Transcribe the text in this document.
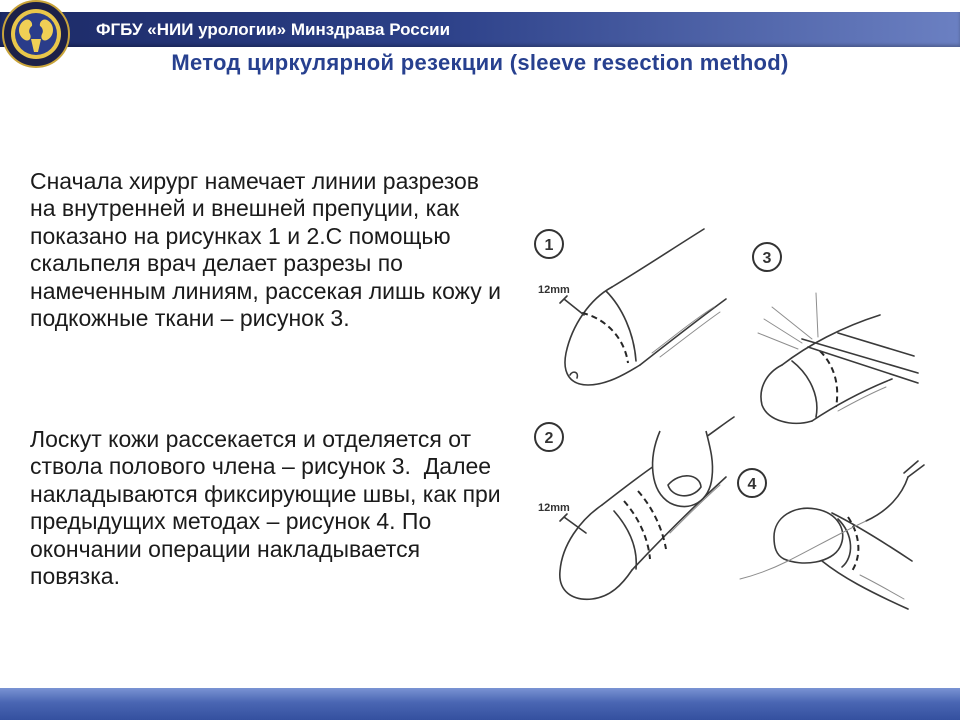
ФГБУ «НИИ урологии» Минздрава России
Метод циркулярной резекции (sleeve resection method)
Сначала хирург намечает линии разрезов
на внутренней и внешней препуции, как
показано на рисунках 1 и 2.С помощью
скальпеля врач делает разрезы по
намеченным линиям, рассекая лишь кожу и
подкожные ткани – рисунок 3.
Лоскут кожи рассекается и отделяется от
ствола полового члена – рисунок 3.  Далее
накладываются фиксирующие швы, как при
предыдущих методах – рисунок 4. По
окончании операции накладывается
повязка.
1
12mm
2
12mm
3
4
